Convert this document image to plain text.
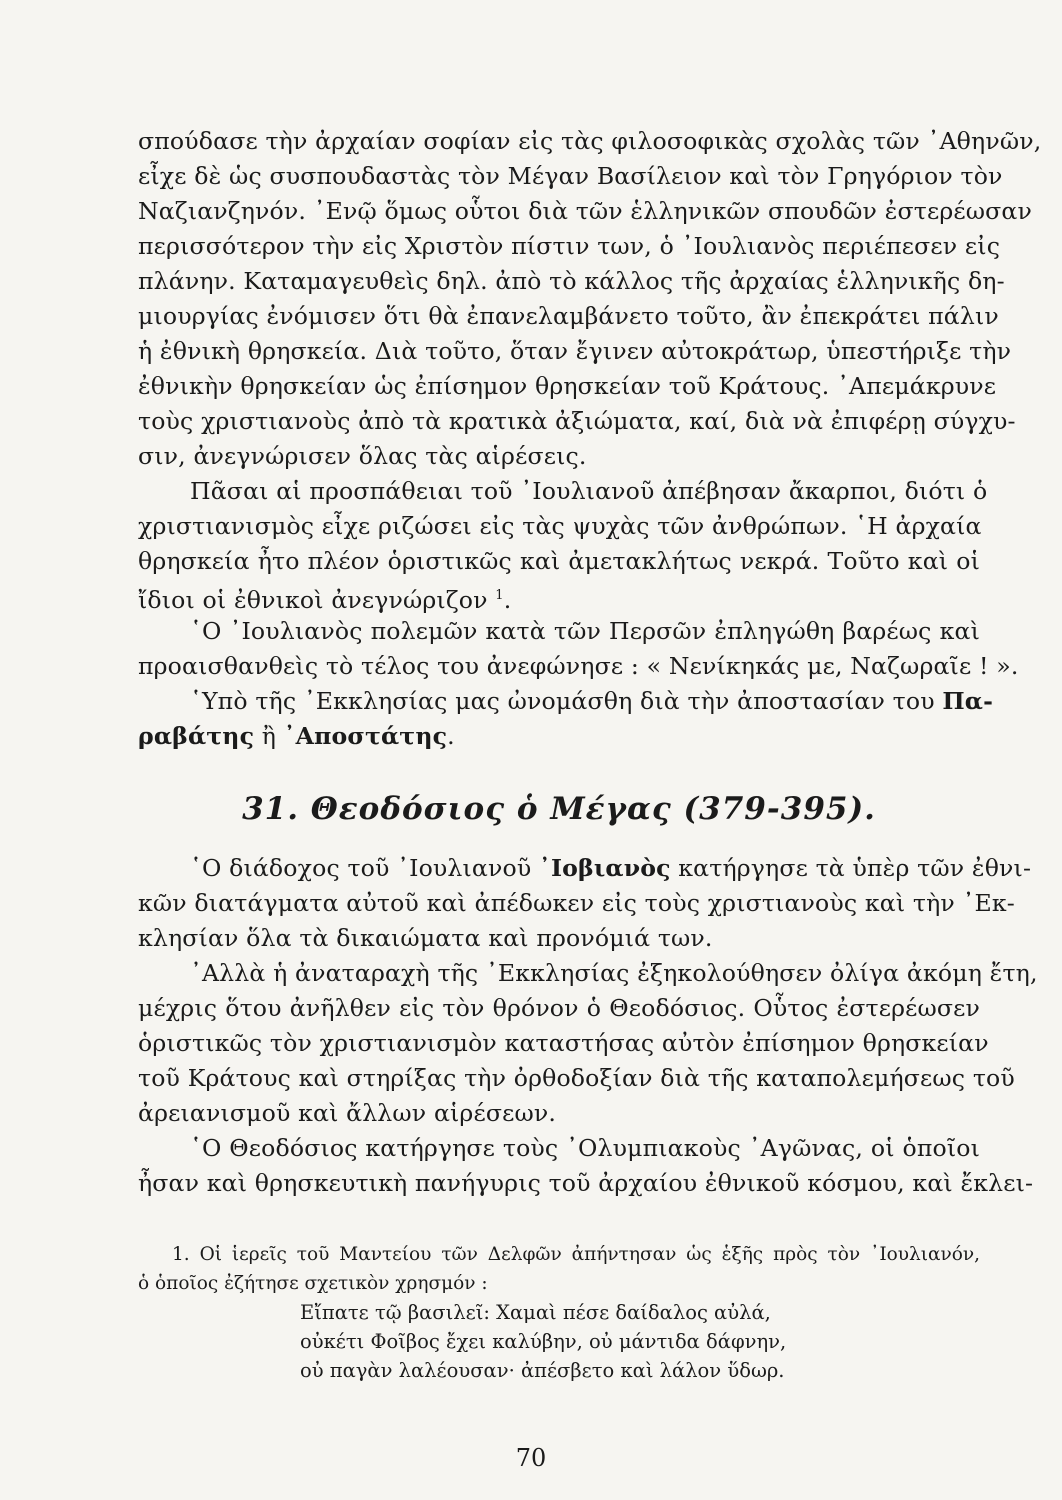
σπούδασε τὴν ἀρχαίαν σοφίαν εἰς τὰς φιλοσοφικὰς σχολὰς τῶν ᾿Αθηνῶν,
εἶχε δὲ ὡς συσπουδαστὰς τὸν Μέγαν Βασίλειον καὶ τὸν Γρηγόριον τὸν
Ναζιανζηνόν. ᾿Ενῷ ὅμως οὗτοι διὰ τῶν ἑλληνικῶν σπουδῶν ἐστερέωσαν
περισσότερον τὴν εἰς Χριστὸν πίστιν των, ὁ ᾿Ιουλιανὸς περιέπεσεν εἰς
πλάνην. Καταμαγευθεὶς δηλ. ἀπὸ τὸ κάλλος τῆς ἀρχαίας ἑλληνικῆς δη-
μιουργίας ἐνόμισεν ὅτι θὰ ἐπανελαμβάνετο τοῦτο, ἂν ἐπεκράτει πάλιν
ἡ ἐθνικὴ θρησκεία. Διὰ τοῦτο, ὅταν ἔγινεν αὐτοκράτωρ, ὑπεστήριξε τὴν
ἐθνικὴν θρησκείαν ὡς ἐπίσημον θρησκείαν τοῦ Κράτους. ᾿Απεμάκρυνε
τοὺς χριστιανοὺς ἀπὸ τὰ κρατικὰ ἀξιώματα, καί, διὰ νὰ ἐπιφέρῃ σύγχυ-
σιν, ἀνεγνώρισεν ὅλας τὰς αἱρέσεις.
Πᾶσαι αἱ προσπάθειαι τοῦ ᾿Ιουλιανοῦ ἀπέβησαν ἄκαρποι, διότι ὁ
χριστιανισμὸς εἶχε ριζώσει εἰς τὰς ψυχὰς τῶν ἀνθρώπων. ῾Η ἀρχαία
θρησκεία ἦτο πλέον ὁριστικῶς καὶ ἀμετακλήτως νεκρά. Τοῦτο καὶ οἱ
ἴδιοι οἱ ἐθνικοὶ ἀνεγνώριζον $^1$.
῾Ο ᾿Ιουλιανὸς πολεμῶν κατὰ τῶν Περσῶν ἐπληγώθη βαρέως καὶ
προαισθανθεὶς τὸ τέλος του ἀνεφώνησε : « Νενίκηκάς με, Ναζωραῖε ! ».
῾Υπὸ τῆς ᾿Εκκλησίας μας ὠνομάσθη διὰ τὴν ἀποστασίαν του Πα-
ραβάτης ἢ ᾿Αποστάτης.
31. Θεοδόσιος ὁ Μέγας (379-395).
῾Ο διάδοχος τοῦ ᾿Ιουλιανοῦ ᾿Ιοβιανὸς κατήργησε τὰ ὑπὲρ τῶν ἐθνι-
κῶν διατάγματα αὐτοῦ καὶ ἀπέδωκεν εἰς τοὺς χριστιανοὺς καὶ τὴν ᾿Εκ-
κλησίαν ὅλα τὰ δικαιώματα καὶ προνόμιά των.
᾿Αλλὰ ἡ ἀναταραχὴ τῆς ᾿Εκκλησίας ἐξηκολούθησεν ὀλίγα ἀκόμη ἔτη,
μέχρις ὅτου ἀνῆλθεν εἰς τὸν θρόνον ὁ Θεοδόσιος. Οὗτος ἐστερέωσεν
ὁριστικῶς τὸν χριστιανισμὸν καταστήσας αὐτὸν ἐπίσημον θρησκείαν
τοῦ Κράτους καὶ στηρίξας τὴν ὀρθοδοξίαν διὰ τῆς καταπολεμήσεως τοῦ
ἀρειανισμοῦ καὶ ἄλλων αἱρέσεων.
῾Ο Θεοδόσιος κατήργησε τοὺς ᾿Ολυμπιακοὺς ᾿Αγῶνας, οἱ ὁποῖοι
ἦσαν καὶ θρησκευτικὴ πανήγυρις τοῦ ἀρχαίου ἐθνικοῦ κόσμου, καὶ ἔκλει-
1. Οἱ ἱερεῖς τοῦ Μαντείου τῶν Δελφῶν ἀπήντησαν ὡς ἑξῆς πρὸς τὸν ᾿Ιουλιανόν,
ὁ ὁποῖος ἐζήτησε σχετικὸν χρησμόν :
Εἴπατε τῷ βασιλεῖ: Χαμαὶ πέσε δαίδαλος αὐλά,
οὐκέτι Φοῖβος ἔχει καλύβην, οὐ μάντιδα δάφνην,
οὐ παγὰν λαλέουσαν· ἀπέσβετο καὶ λάλον ὕδωρ.
70
